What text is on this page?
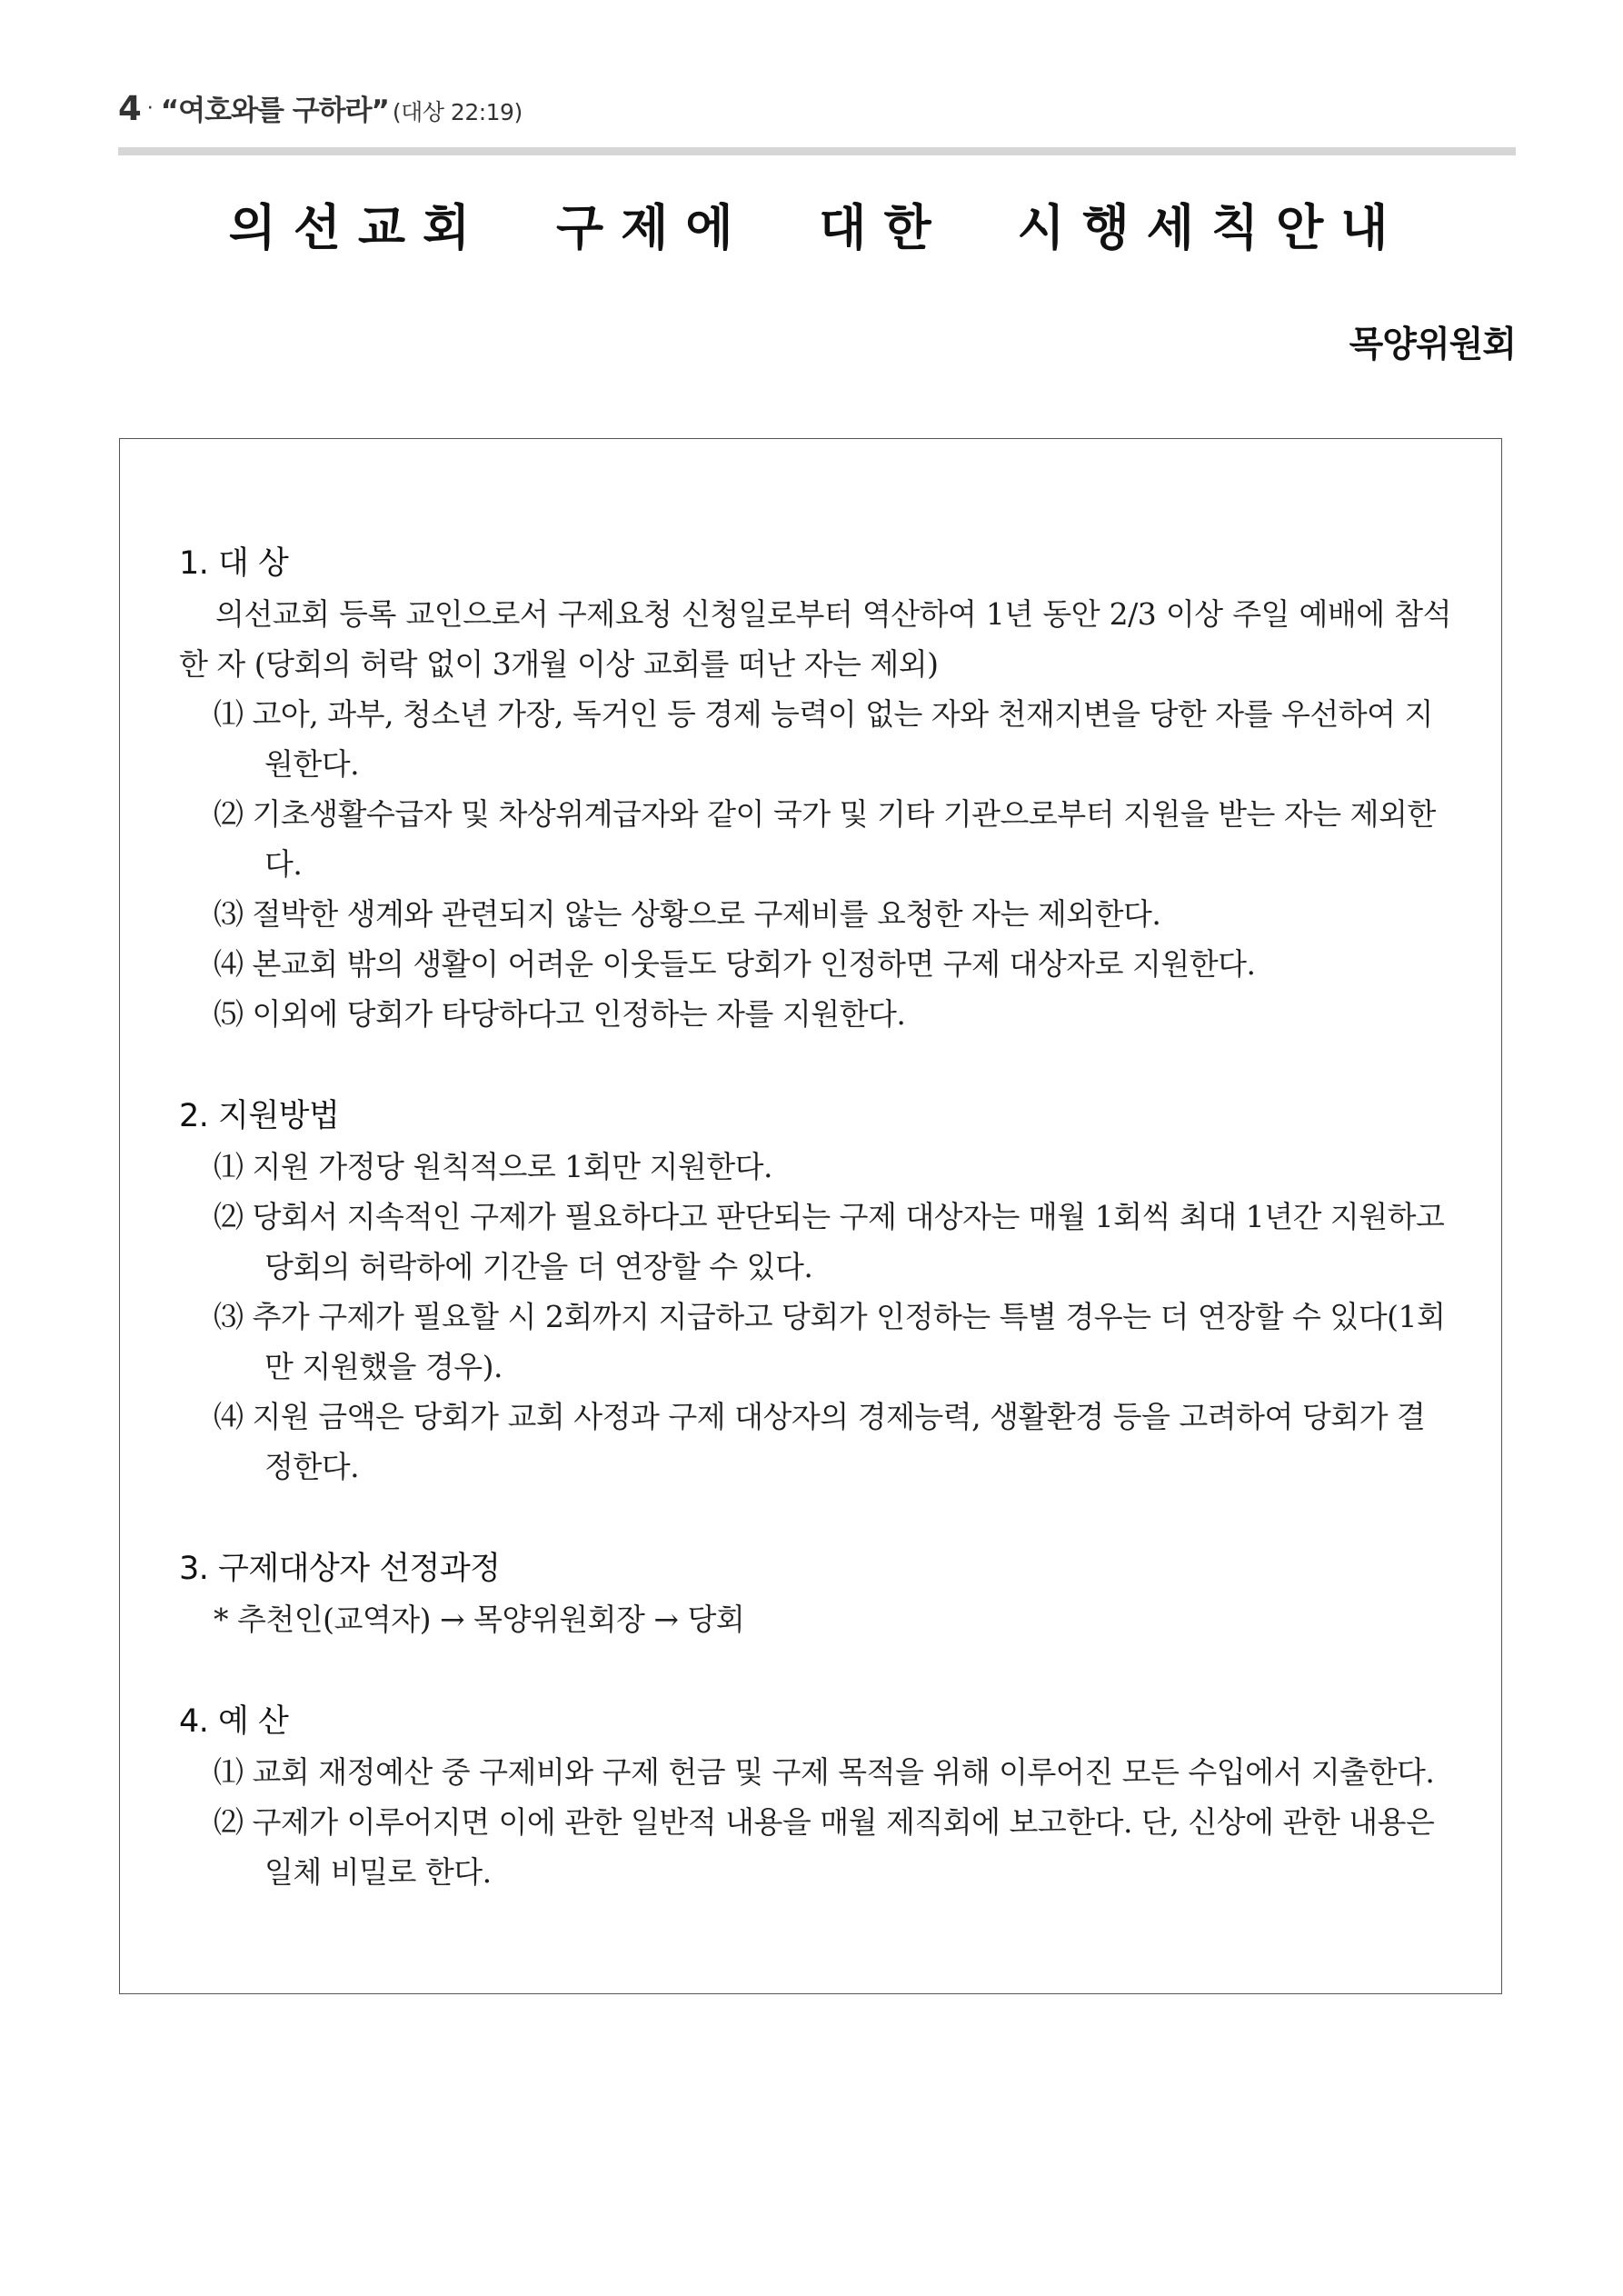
4 · “여호와를 구하라” (대상 22:19)
의선교회 구제에 대한 시행세칙안내
목양위원회
1. 대 상
의선교회 등록 교인으로서 구제요청 신청일로부터 역산하여 1년 동안 2/3 이상 주일 예배에 참석한 자 (당회의 허락 없이 3개월 이상 교회를 떠난 자는 제외)
⑴ 고아, 과부, 청소년 가장, 독거인 등 경제 능력이 없는 자와 천재지변을 당한 자를 우선하여 지원한다.
⑵ 기초생활수급자 및 차상위계급자와 같이 국가 및 기타 기관으로부터 지원을 받는 자는 제외한다.
⑶ 절박한 생계와 관련되지 않는 상황으로 구제비를 요청한 자는 제외한다.
⑷ 본교회 밖의 생활이 어려운 이웃들도 당회가 인정하면 구제 대상자로 지원한다.
⑸ 이외에 당회가 타당하다고 인정하는 자를 지원한다.
2. 지원방법
⑴ 지원 가정당 원칙적으로 1회만 지원한다.
⑵ 당회서 지속적인 구제가 필요하다고 판단되는 구제 대상자는 매월 1회씩 최대 1년간 지원하고 당회의 허락하에 기간을 더 연장할 수 있다.
⑶ 추가 구제가 필요할 시 2회까지 지급하고 당회가 인정하는 특별 경우는 더 연장할 수 있다(1회만 지원했을 경우).
⑷ 지원 금액은 당회가 교회 사정과 구제 대상자의 경제능력, 생활환경 등을 고려하여 당회가 결정한다.
3. 구제대상자 선정과정
* 추천인(교역자) → 목양위원회장 → 당회
4. 예 산
⑴ 교회 재정예산 중 구제비와 구제 헌금 및 구제 목적을 위해 이루어진 모든 수입에서 지출한다.
⑵ 구제가 이루어지면 이에 관한 일반적 내용을 매월 제직회에 보고한다. 단, 신상에 관한 내용은 일체 비밀로 한다.
